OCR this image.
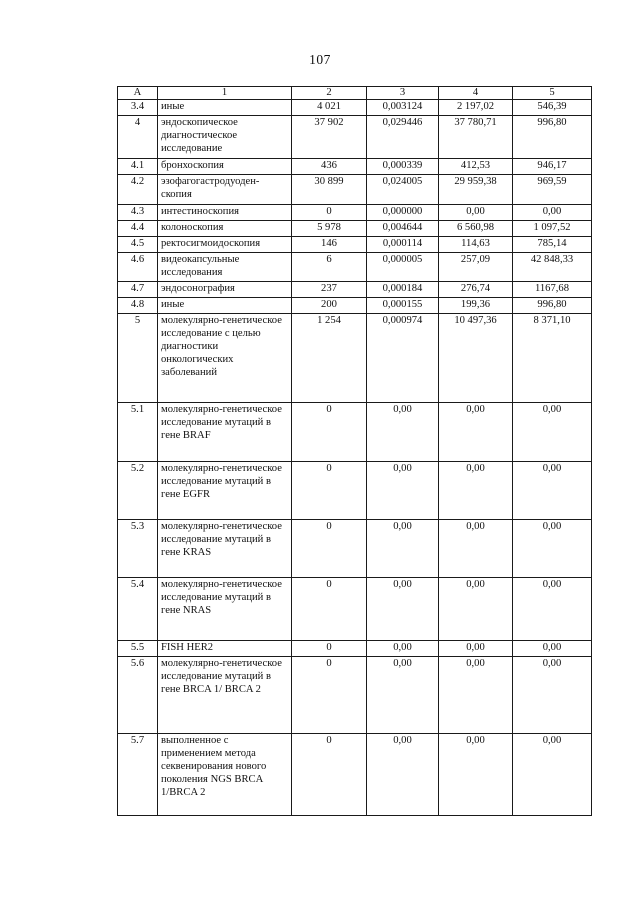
107
А	1	2	3	4	5
3.4	иные	4 021	0,003124	2 197,02	546,39
4	эндоскопическое диагностическое исследование	37 902	0,029446	37 780,71	996,80
4.1	бронхоскопия	436	0,000339	412,53	946,17
4.2	эзофагогастродуоден-скопия	30 899	0,024005	29 959,38	969,59
4.3	интестиноскопия	0	0,000000	0,00	0,00
4.4	колоноскопия	5 978	0,004644	6 560,98	1 097,52
4.5	ректосигмоидоскопия	146	0,000114	114,63	785,14
4.6	видеокапсульные исследования	6	0,000005	257,09	42 848,33
4.7	эндосонография	237	0,000184	276,74	1167,68
4.8	иные	200	0,000155	199,36	996,80
5	молекулярно-генетическое исследование с целью диагностики онкологических заболеваний	1 254	0,000974	10 497,36	8 371,10
5.1	молекулярно-генетическое исследование мутаций в гене BRAF	0	0,00	0,00	0,00
5.2	молекулярно-генетическое исследование мутаций в гене EGFR	0	0,00	0,00	0,00
5.3	молекулярно-генетическое исследование мутаций в гене KRAS	0	0,00	0,00	0,00
5.4	молекулярно-генетическое исследование мутаций в гене NRAS	0	0,00	0,00	0,00
5.5	FISH HER2	0	0,00	0,00	0,00
5.6	молекулярно-генетическое исследование мутаций в гене BRCA 1/ BRCA 2	0	0,00	0,00	0,00
5.7	выполненное с применением метода секвенирования нового поколения NGS BRCA 1/BRCA 2	0	0,00	0,00	0,00
